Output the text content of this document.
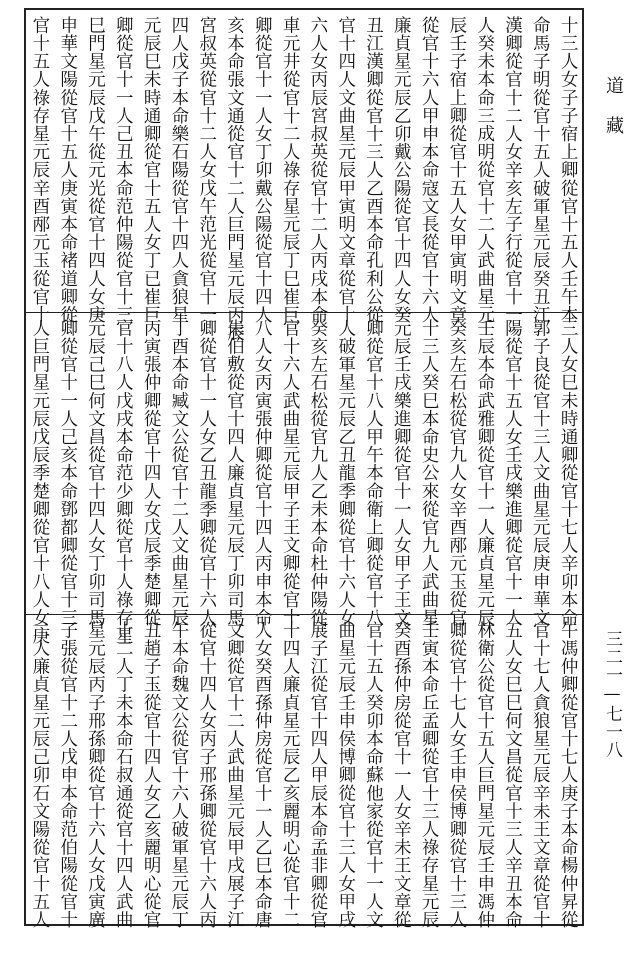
十三人女子子宿上卿從官十五人壬午本
命馬子明從官十五人破軍星元辰癸丑江
漢卿從官十二人女辛亥左子行從官十一
人癸未本命三成明從官十二人武曲星元
辰壬子宿上卿從官十五人女甲寅明文章
從官十六人甲申本命寇文長從官十六人
廉貞星元辰乙卯戴公陽從官十四人女癸
丑江漢卿從官十三人乙酉本命孔利公從
官十四人文曲星元辰甲寅明文章從官十
六人女丙辰宮叔英從官十二人丙戌本命
車元井從官十二人祿存星元辰丁巳崔巨
卿從官十一人女丁卯戴公陽從官十四人
亥本命張文通從官十二人巨門星元辰丙辰
宮叔英從官十二人女戊午范光從官十一
四人戊子本命樂石陽從官十四人貪狼星
元辰巳未時通卿從官十五人女丁已崔巨
卿從官十一人己丑本命范仲陽從官十三
巳門星元辰戊午從元光從官十四人女庚
申華文陽從官十五人庚寅本命褚道卿從
官十五人祿存星元辰辛酉邴元玉從官十
三人女巳未時通卿從官十七人辛卯本命
郭子良從官十三人文曲星元辰庚申華文
陽從官十五人女壬戌樂進卿從官十一人
壬辰本命武雅卿從官十一人廉貞星元辰
癸亥左石松從官九人女辛酉邴元玉從官
十三人癸巳本命史公來從官九人武曲星
元辰壬戌樂進卿從官十一人女甲子王文
卿從官十八人甲午本命衛上卿從官十八
人破軍星元辰乙丑龍季卿從官十六人女
癸亥左石松從官九人乙未本命杜仲陽從
官十六人武曲星元辰甲子王文卿從官十
八人女丙寅張仲卿從官十四人丙申本命
朱伯敷從官十四人廉貞星元辰丁卯司馬
卿從官十一人女乙丑龍季卿從官十六人
丁酉本命臧文公從官十二人文曲星元辰
丙寅張仲卿從官十四人女戊辰季楚卿從
官十八人戊戌本命范少卿從官十人祿存星
元辰己巳何文昌從官十四人女丁卯司馬
卿從官十一人己亥本命鄧都卿從官十三
人巨門星元辰戊辰季楚卿從官十八人女庚
午馮仲卿從官十七人庚子本命楊仲昇從
官十七人貪狼星元辰辛未王文章從官十
五人女巳巳何文昌從官十三人辛丑本命
林衛公從官十五人巨門星元辰壬申馮仲
卿從官十七人女壬申侯博卿從官十三人
壬寅本命丘孟卿從官十三人祿存星元辰
癸酉孫仲房從官十一人女辛未王文章從
官十五人癸卯本命蘇他家從官十一人文
曲星元辰壬申侯博卿從官十三人女甲戌
展子江從官十四人甲辰本命孟非卿從官
十四人廉貞星元辰乙亥麗明心從官十二
人女癸酉孫仲房從官十一人乙巳本命唐
文卿從官十二人武曲星元辰甲戌展子江
從官十四人女丙子邢孫卿從官十六人丙
午本命魏文公從官十六人破軍星元辰丁
丑趙子玉從官十四人女乙亥麗明心從官
十二人丁未本命石叔通從官十四人武曲
星元辰丙子邢孫卿從官十六人女戊寅廣
子張從官十二人戊申本命范伯陽從官十
二人廉貞星元辰己卯石文陽從官十五人
道藏
三二一—七一八
